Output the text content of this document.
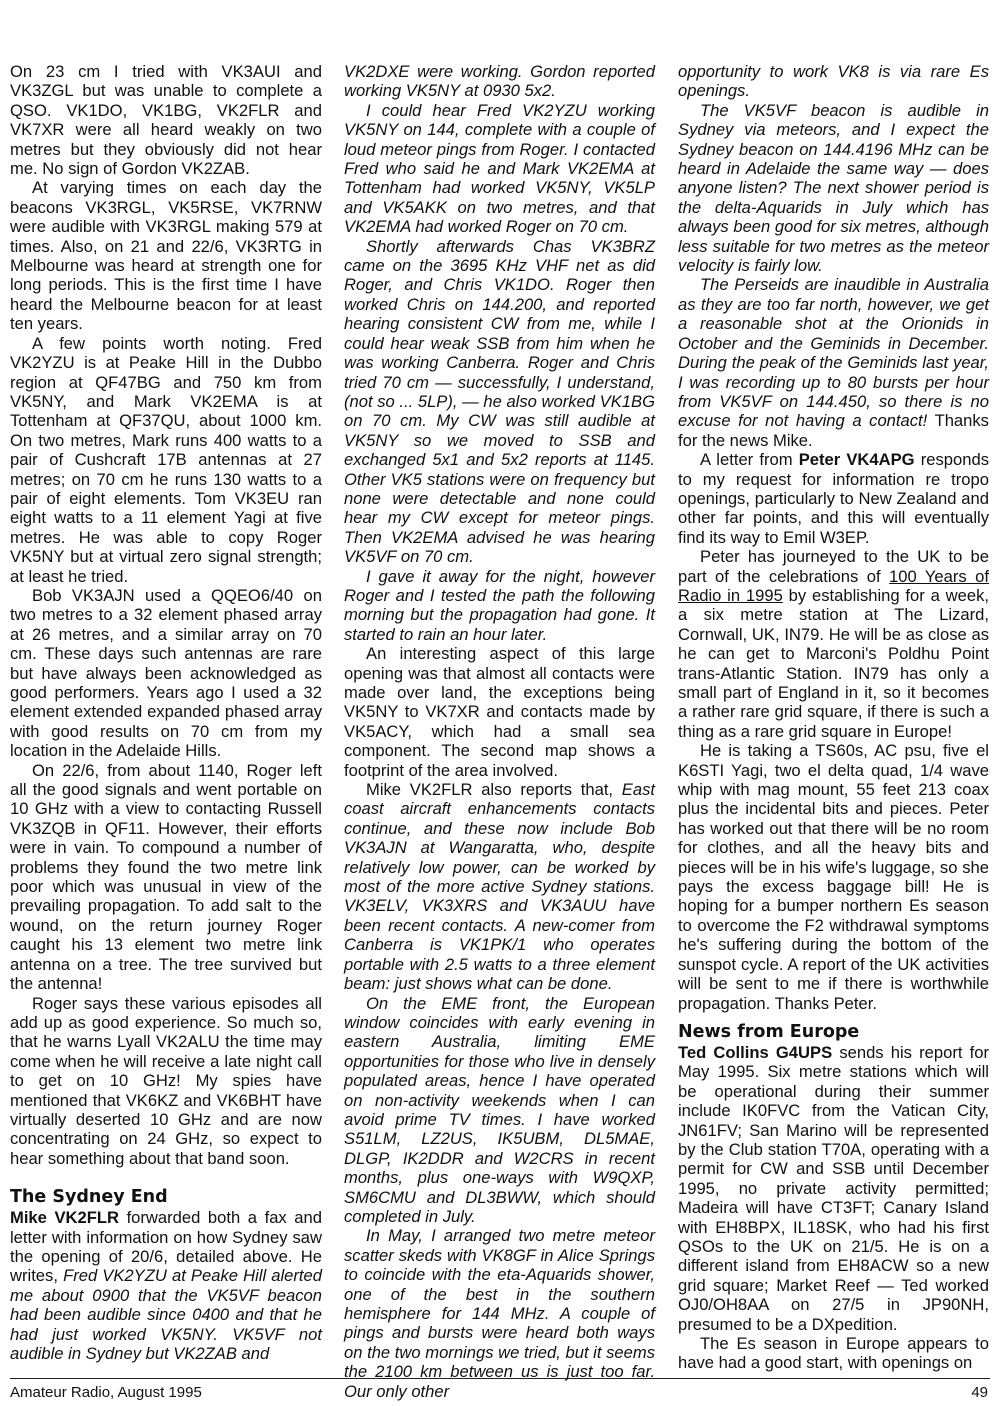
On 23 cm I tried with VK3AUI and VK3ZGL but was unable to complete a QSO. VK1DO, VK1BG, VK2FLR and VK7XR were all heard weakly on two metres but they obviously did not hear me. No sign of Gordon VK2ZAB.

At varying times on each day the beacons VK3RGL, VK5RSE, VK7RNW were audible with VK3RGL making 579 at times. Also, on 21 and 22/6, VK3RTG in Melbourne was heard at strength one for long periods. This is the first time I have heard the Melbourne beacon for at least ten years.

A few points worth noting. Fred VK2YZU is at Peake Hill in the Dubbo region at QF47BG and 750 km from VK5NY, and Mark VK2EMA is at Tottenham at QF37QU, about 1000 km. On two metres, Mark runs 400 watts to a pair of Cushcraft 17B antennas at 27 metres; on 70 cm he runs 130 watts to a pair of eight elements. Tom VK3EU ran eight watts to a 11 element Yagi at five metres. He was able to copy Roger VK5NY but at virtual zero signal strength; at least he tried.

Bob VK3AJN used a QQEO6/40 on two metres to a 32 element phased array at 26 metres, and a similar array on 70 cm. These days such antennas are rare but have always been acknowledged as good performers. Years ago I used a 32 element extended expanded phased array with good results on 70 cm from my location in the Adelaide Hills.

On 22/6, from about 1140, Roger left all the good signals and went portable on 10 GHz with a view to contacting Russell VK3ZQB in QF11. However, their efforts were in vain. To compound a number of problems they found the two metre link poor which was unusual in view of the prevailing propagation. To add salt to the wound, on the return journey Roger caught his 13 element two metre link antenna on a tree. The tree survived but the antenna!

Roger says these various episodes all add up as good experience. So much so, that he warns Lyall VK2ALU the time may come when he will receive a late night call to get on 10 GHz! My spies have mentioned that VK6KZ and VK6BHT have virtually deserted 10 GHz and are now concentrating on 24 GHz, so expect to hear something about that band soon.

The Sydney End

Mike VK2FLR forwarded both a fax and letter with information on how Sydney saw the opening of 20/6, detailed above. He writes, Fred VK2YZU at Peake Hill alerted me about 0900 that the VK5VF beacon had been audible since 0400 and that he had just worked VK5NY. VK5VF not audible in Sydney but VK2ZAB and

VK2DXE were working. Gordon reported working VK5NY at 0930 5x2.

I could hear Fred VK2YZU working VK5NY on 144, complete with a couple of loud meteor pings from Roger. I contacted Fred who said he and Mark VK2EMA at Tottenham had worked VK5NY, VK5LP and VK5AKK on two metres, and that VK2EMA had worked Roger on 70 cm.

Shortly afterwards Chas VK3BRZ came on the 3695 KHz VHF net as did Roger, and Chris VK1DO. Roger then worked Chris on 144.200, and reported hearing consistent CW from me, while I could hear weak SSB from him when he was working Canberra. Roger and Chris tried 70 cm — successfully, I understand, (not so ... 5LP), — he also worked VK1BG on 70 cm. My CW was still audible at VK5NY so we moved to SSB and exchanged 5x1 and 5x2 reports at 1145. Other VK5 stations were on frequency but none were detectable and none could hear my CW except for meteor pings. Then VK2EMA advised he was hearing VK5VF on 70 cm.

I gave it away for the night, however Roger and I tested the path the following morning but the propagation had gone. It started to rain an hour later.

An interesting aspect of this large opening was that almost all contacts were made over land, the exceptions being VK5NY to VK7XR and contacts made by VK5ACY, which had a small sea component. The second map shows a footprint of the area involved.

Mike VK2FLR also reports that, East coast aircraft enhancements contacts continue, and these now include Bob VK3AJN at Wangaratta, who, despite relatively low power, can be worked by most of the more active Sydney stations. VK3ELV, VK3XRS and VK3AUU have been recent contacts. A new-comer from Canberra is VK1PK/1 who operates portable with 2.5 watts to a three element beam: just shows what can be done.

On the EME front, the European window coincides with early evening in eastern Australia, limiting EME opportunities for those who live in densely populated areas, hence I have operated on non-activity weekends when I can avoid prime TV times. I have worked S51LM, LZ2US, IK5UBM, DL5MAE, DLGP, IK2DDR and W2CRS in recent months, plus one-ways with W9QXP, SM6CMU and DL3BWW, which should completed in July.

In May, I arranged two metre meteor scatter skeds with VK8GF in Alice Springs to coincide with the eta-Aquarids shower, one of the best in the southern hemisphere for 144 MHz. A couple of pings and bursts were heard both ways on the two mornings we tried, but it seems the 2100 km between us is just too far. Our only other

opportunity to work VK8 is via rare Es openings.

The VK5VF beacon is audible in Sydney via meteors, and I expect the Sydney beacon on 144.4196 MHz can be heard in Adelaide the same way — does anyone listen? The next shower period is the delta-Aquarids in July which has always been good for six metres, although less suitable for two metres as the meteor velocity is fairly low.

The Perseids are inaudible in Australia as they are too far north, however, we get a reasonable shot at the Orionids in October and the Geminids in December. During the peak of the Geminids last year, I was recording up to 80 bursts per hour from VK5VF on 144.450, so there is no excuse for not having a contact! Thanks for the news Mike.

A letter from Peter VK4APG responds to my request for information re tropo openings, particularly to New Zealand and other far points, and this will eventually find its way to Emil W3EP.

Peter has journeyed to the UK to be part of the celebrations of 100 Years of Radio in 1995 by establishing for a week, a six metre station at The Lizard, Cornwall, UK, IN79. He will be as close as he can get to Marconi's Poldhu Point trans-Atlantic Station. IN79 has only a small part of England in it, so it becomes a rather rare grid square, if there is such a thing as a rare grid square in Europe!

He is taking a TS60s, AC psu, five el K6STI Yagi, two el delta quad, 1/4 wave whip with mag mount, 55 feet 213 coax plus the incidental bits and pieces. Peter has worked out that there will be no room for clothes, and all the heavy bits and pieces will be in his wife's luggage, so she pays the excess baggage bill! He is hoping for a bumper northern Es season to overcome the F2 withdrawal symptoms he's suffering during the bottom of the sunspot cycle. A report of the UK activities will be sent to me if there is worthwhile propagation. Thanks Peter.

News from Europe

Ted Collins G4UPS sends his report for May 1995. Six metre stations which will be operational during their summer include IK0FVC from the Vatican City, JN61FV; San Marino will be represented by the Club station T70A, operating with a permit for CW and SSB until December 1995, no private activity permitted; Madeira will have CT3FT; Canary Island with EH8BPX, IL18SK, who had his first QSOs to the UK on 21/5. He is on a different island from EH8ACW so a new grid square; Market Reef — Ted worked OJ0/OH8AA on 27/5 in JP90NH, presumed to be a DXpedition.

The Es season in Europe appears to have had a good start, with openings on

Amateur Radio, August 1995	49
